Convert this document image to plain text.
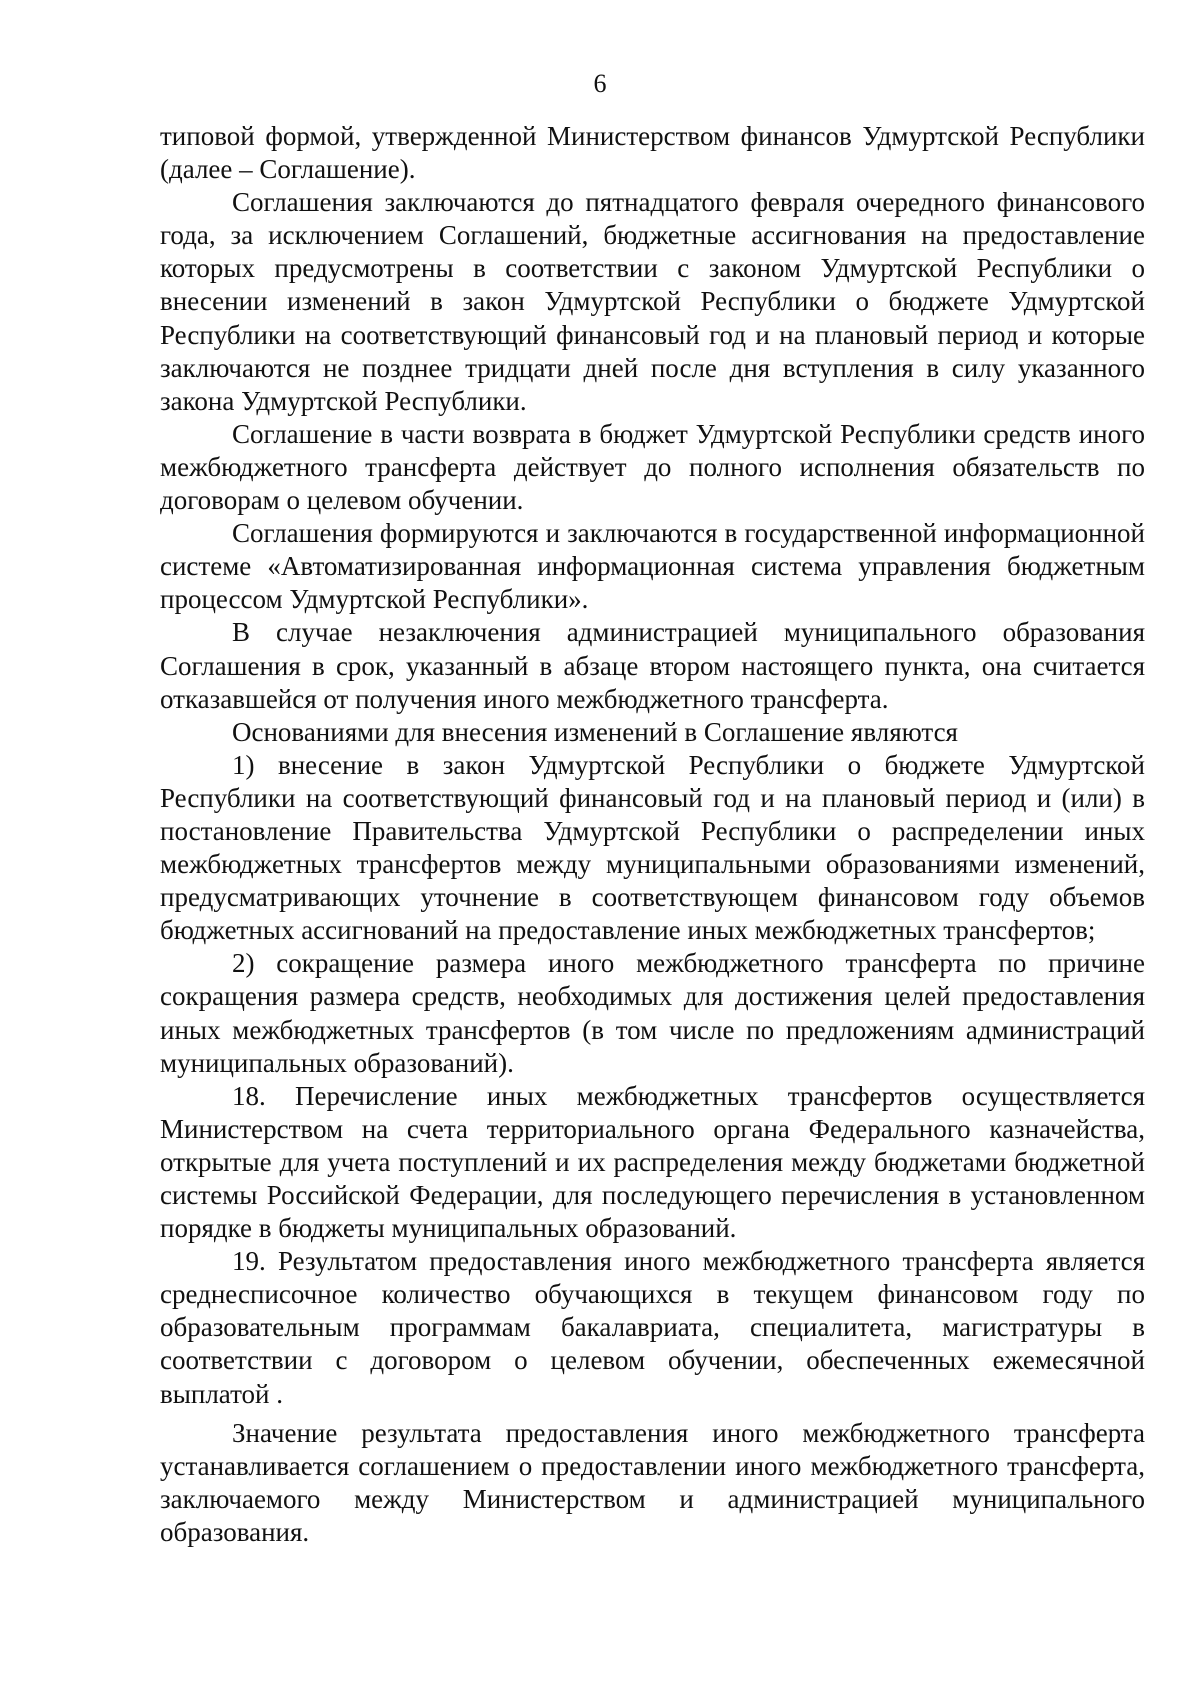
6

типовой формой, утвержденной Министерством финансов Удмуртской Республики (далее – Соглашение).

Соглашения заключаются до пятнадцатого февраля очередного финансового года, за исключением Соглашений, бюджетные ассигнования на предоставление которых предусмотрены в соответствии с законом Удмуртской Республики о внесении изменений в закон Удмуртской Республики о бюджете Удмуртской Республики на соответствующий финансовый год и на плановый период и которые заключаются не позднее тридцати дней после дня вступления в силу указанного закона Удмуртской Республики.

Соглашение в части возврата в бюджет Удмуртской Республики средств иного межбюджетного трансферта действует до полного исполнения обязательств по договорам о целевом обучении.

Соглашения формируются и заключаются в государственной информационной системе «Автоматизированная информационная система управления бюджетным процессом Удмуртской Республики».

В случае незаключения администрацией муниципального образования Соглашения в срок, указанный в абзаце втором настоящего пункта, она считается отказавшейся от получения иного межбюджетного трансферта.

Основаниями для внесения изменений в Соглашение являются

1) внесение в закон Удмуртской Республики о бюджете Удмуртской Республики на соответствующий финансовый год и на плановый период и (или) в постановление Правительства Удмуртской Республики о распределении иных межбюджетных трансфертов между муниципальными образованиями изменений, предусматривающих уточнение в соответствующем финансовом году объемов бюджетных ассигнований на предоставление иных межбюджетных трансфертов;

2) сокращение размера иного межбюджетного трансферта по причине сокращения размера средств, необходимых для достижения целей предоставления иных межбюджетных трансфертов (в том числе по предложениям администраций муниципальных образований).

18. Перечисление иных межбюджетных трансфертов осуществляется Министерством на счета территориального органа Федерального казначейства, открытые для учета поступлений и их распределения между бюджетами бюджетной системы Российской Федерации, для последующего перечисления в установленном порядке в бюджеты муниципальных образований.

19. Результатом предоставления иного межбюджетного трансферта является среднесписочное количество обучающихся в текущем финансовом году по образовательным программам бакалавриата, специалитета, магистратуры в соответствии с договором о целевом обучении, обеспеченных ежемесячной выплатой .

Значение результата предоставления иного межбюджетного трансферта устанавливается соглашением о предоставлении иного межбюджетного трансферта, заключаемого между Министерством и администрацией муниципального образования.
